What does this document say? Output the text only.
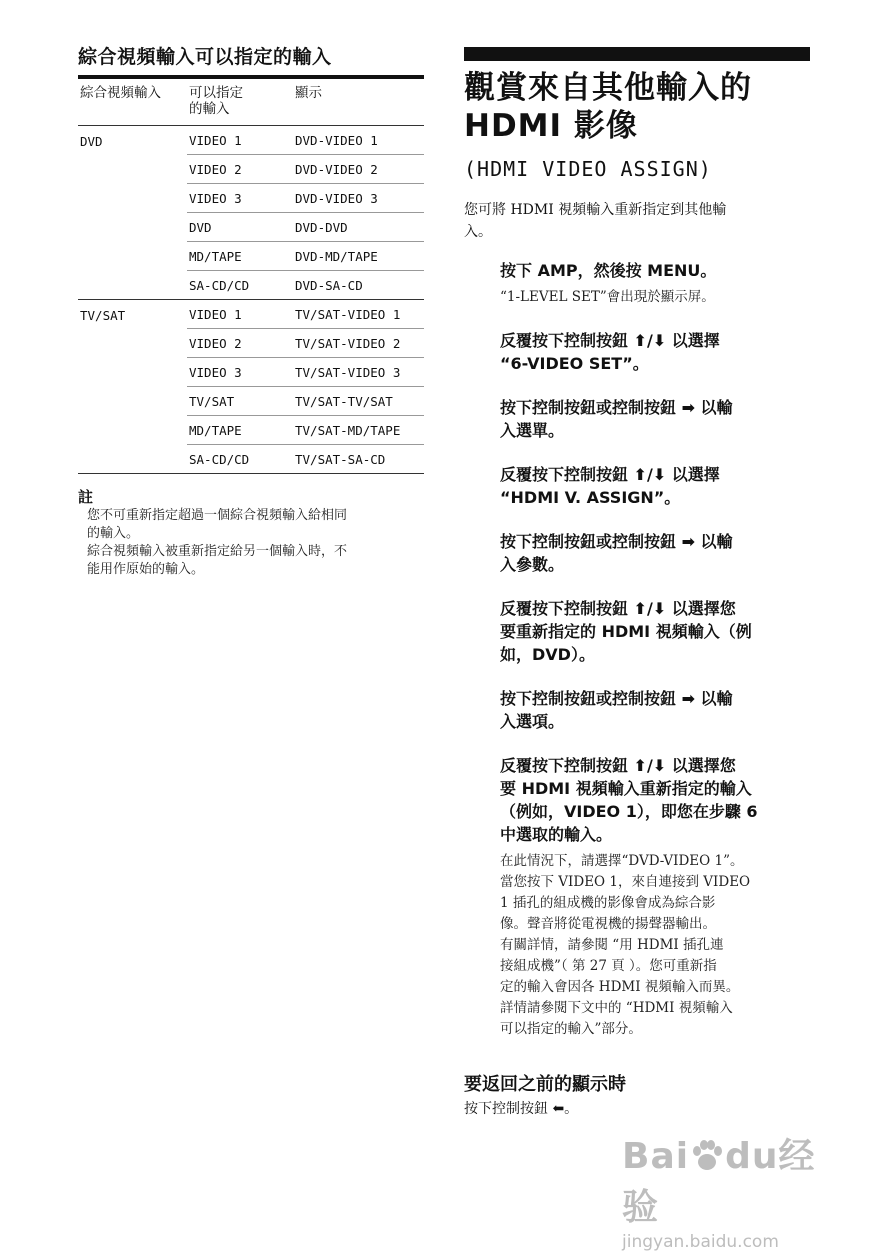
綜合視頻輸入可以指定的輸入
綜合視頻輸入	可以指定
的輸入	顯示
DVD	VIDEO 1	DVD-VIDEO 1
	VIDEO 2	DVD-VIDEO 2
	VIDEO 3	DVD-VIDEO 3
	DVD	DVD-DVD
	MD/TAPE	DVD-MD/TAPE
	SA-CD/CD	DVD-SA-CD
TV/SAT	VIDEO 1	TV/SAT-VIDEO 1
	VIDEO 2	TV/SAT-VIDEO 2
	VIDEO 3	TV/SAT-VIDEO 3
	TV/SAT	TV/SAT-TV/SAT
	MD/TAPE	TV/SAT-MD/TAPE
	SA-CD/CD	TV/SAT-SA-CD
註
您不可重新指定超過一個綜合視頻輸入給相同
的輸入。
綜合視頻輸入被重新指定給另一個輸入時，不
能用作原始的輸入。
觀賞來自其他輸入的
HDMI 影像
(HDMI VIDEO ASSIGN)
您可將 HDMI 視頻輸入重新指定到其他輸
入。
按下 AMP，然後按 MENU。
“1-LEVEL SET”會出現於顯示屏。
反覆按下控制按鈕 ⬆/⬇ 以選擇
“6-VIDEO SET”。
按下控制按鈕或控制按鈕 ➡ 以輸
入選單。
反覆按下控制按鈕 ⬆/⬇ 以選擇
“HDMI V. ASSIGN”。
按下控制按鈕或控制按鈕 ➡ 以輸
入參數。
反覆按下控制按鈕 ⬆/⬇ 以選擇您
要重新指定的 HDMI 視頻輸入（例
如，DVD）。
按下控制按鈕或控制按鈕 ➡ 以輸
入選項。
反覆按下控制按鈕 ⬆/⬇ 以選擇您
要 HDMI 視頻輸入重新指定的輸入
（例如，VIDEO 1），即您在步驟 6
中選取的輸入。
在此情況下，請選擇“DVD-VIDEO 1”。
當您按下 VIDEO 1，來自連接到 VIDEO
1 插孔的組成機的影像會成為綜合影
像。聲音將從電視機的揚聲器輸出。
有關詳情，請參閱 “用 HDMI 插孔連
接組成機”（ 第 27 頁 ）。您可重新指
定的輸入會因各 HDMI 視頻輸入而異。
詳情請參閱下文中的 “HDMI 視頻輸入
可以指定的輸入”部分。
要返回之前的顯示時
按下控制按鈕 ⬅。
Bai du经验
jingyan.baidu.com
